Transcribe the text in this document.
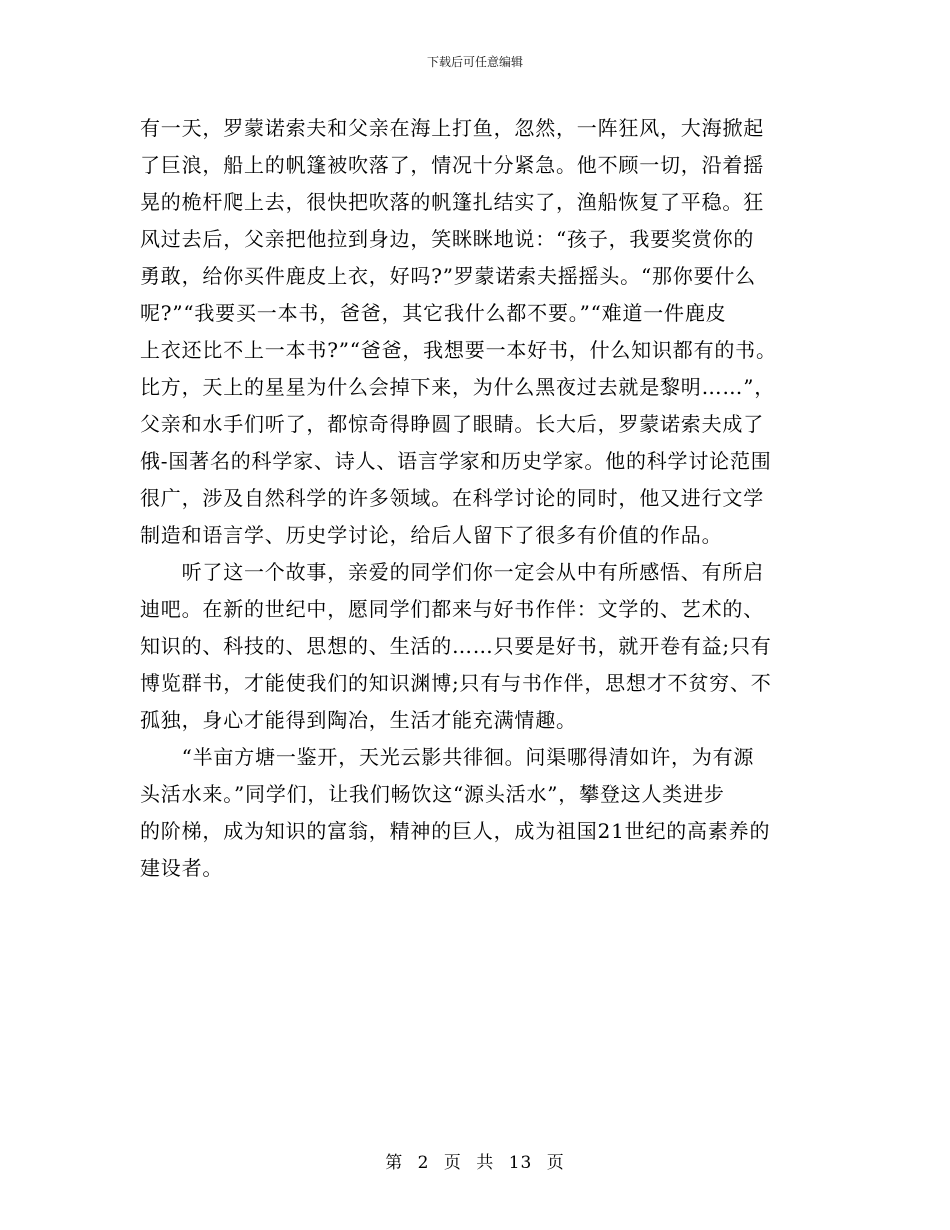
下载后可任意编辑
有一天，罗蒙诺索夫和父亲在海上打鱼，忽然，一阵狂风，大海掀起
了巨浪，船上的帆篷被吹落了，情况十分紧急。他不顾一切，沿着摇
晃的桅杆爬上去，很快把吹落的帆篷扎结实了，渔船恢复了平稳。狂
风过去后，父亲把他拉到身边，笑眯眯地说：“孩子，我要奖赏你的
勇敢，给你买件鹿皮上衣，好吗?”罗蒙诺索夫摇摇头。“那你要什么
呢?”“我要买一本书，爸爸，其它我什么都不要。”“难道一件鹿皮
上衣还比不上一本书?”“爸爸，我想要一本好书，什么知识都有的书。
比方，天上的星星为什么会掉下来，为什么黑夜过去就是黎明……”，
父亲和水手们听了，都惊奇得睁圆了眼睛。长大后，罗蒙诺索夫成了
俄-国著名的科学家、诗人、语言学家和历史学家。他的科学讨论范围
很广，涉及自然科学的许多领域。在科学讨论的同时，他又进行文学
制造和语言学、历史学讨论，给后人留下了很多有价值的作品。
　　听了这一个故事，亲爱的同学们你一定会从中有所感悟、有所启
迪吧。在新的世纪中，愿同学们都来与好书作伴：文学的、艺术的、
知识的、科技的、思想的、生活的……只要是好书，就开卷有益;只有
博览群书，才能使我们的知识渊博;只有与书作伴，思想才不贫穷、不
孤独，身心才能得到陶冶，生活才能充满情趣。
　　“半亩方塘一鉴开，天光云影共徘徊。问渠哪得清如许，为有源
头活水来。”同学们，让我们畅饮这“源头活水”，攀登这人类进步
的阶梯，成为知识的富翁，精神的巨人，成为祖国21世纪的高素养的
建设者。
第 2 页 共 13 页
